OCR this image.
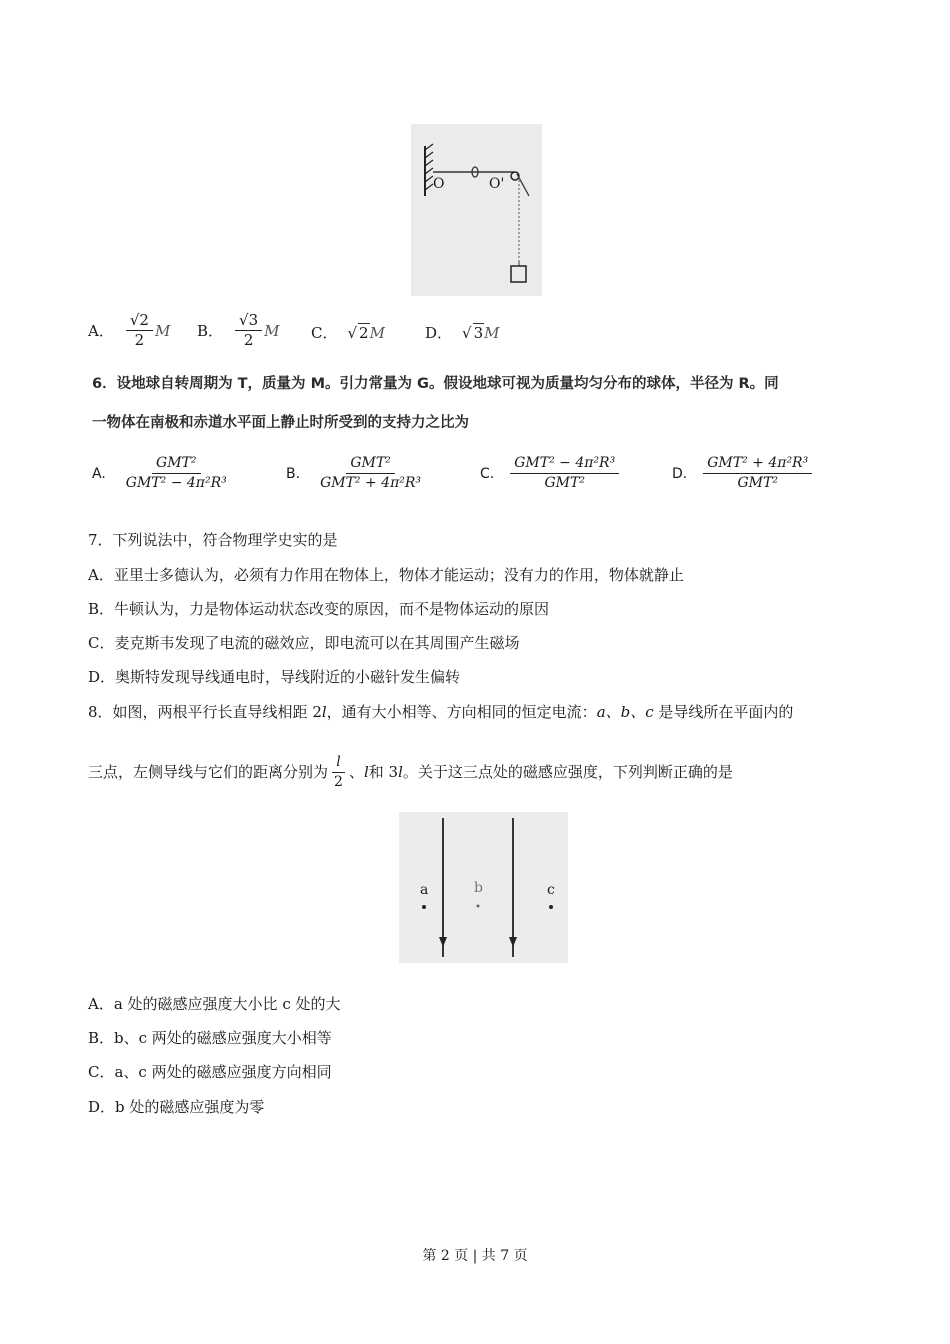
O	O'
A． $\frac{√2}{2}$ M B． $\frac{√3}{2}$ M C． √ 2 M	D． √ 3 M
6．设地球自转周期为 T，质量为 M。引力常量为 G。假设地球可视为质量均匀分布的球体，半径为 R。同
一物体在南极和赤道水平面上静止时所受到的支持力之比为
A. $\frac{\text{GMT²}}{\text{GMT² − 4π²R³}}$	B. $\frac{\text{GMT²}}{\text{GMT² + 4π²R³}}$	C. $\frac{\text{GMT² − 4π²R³}}{\text{GMT²}}$	D. $\frac{\text{GMT² + 4π²R³}}{\text{GMT²}}$
7．下列说法中，符合物理学史实的是
A．亚里士多德认为，必须有力作用在物体上，物体才能运动；没有力的作用，物体就静止
B．牛顿认为，力是物体运动状态改变的原因，而不是物体运动的原因
C．麦克斯韦发现了电流的磁效应，即电流可以在其周围产生磁场
D．奥斯特发现导线通电时，导线附近的小磁针发生偏转
8．如图，两根平行长直导线相距 2l，通有大小相等、方向相同的恒定电流：a、b、c 是导线所在平面内的
三点，左侧导线与它们的距离分别为 $\frac{l}{2}$ 、 l 和 3 l 。关于这三点处的磁感应强度，下列判断正确的是
a	b	c
A．a 处的磁感应强度大小比 c 处的大
B．b、c 两处的磁感应强度大小相等
C．a、c 两处的磁感应强度方向相同
D．b 处的磁感应强度为零
第 2 页 | 共 7 页
